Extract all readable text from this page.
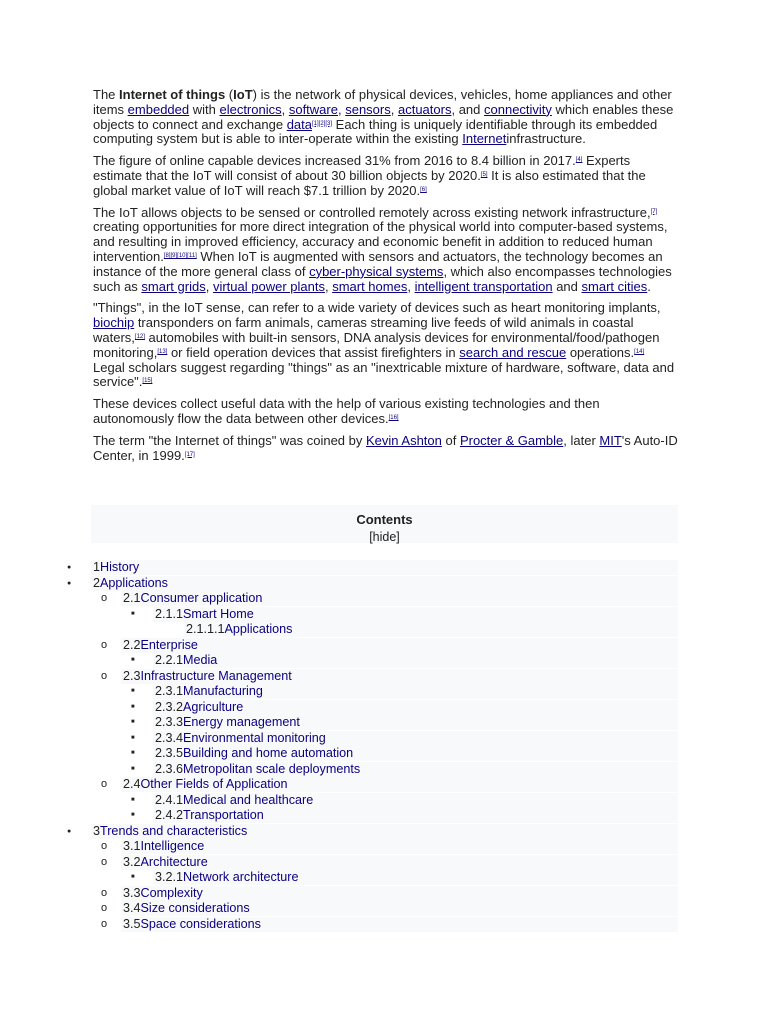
The Internet of things (IoT) is the network of physical devices, vehicles, home appliances and other items embedded with electronics, software, sensors, actuators, and connectivity which enables these objects to connect and exchange data[1][2][3] Each thing is uniquely identifiable through its embedded computing system but is able to inter-operate within the existing Internetinfrastructure.

The figure of online capable devices increased 31% from 2016 to 8.4 billion in 2017.[4] Experts estimate that the IoT will consist of about 30 billion objects by 2020.[5] It is also estimated that the global market value of IoT will reach $7.1 trillion by 2020.[6]

The IoT allows objects to be sensed or controlled remotely across existing network infrastructure,[7] creating opportunities for more direct integration of the physical world into computer-based systems, and resulting in improved efficiency, accuracy and economic benefit in addition to reduced human intervention.[8][9][10][11] When IoT is augmented with sensors and actuators, the technology becomes an instance of the more general class of cyber-physical systems, which also encompasses technologies such as smart grids, virtual power plants, smart homes, intelligent transportation and smart cities.

"Things", in the IoT sense, can refer to a wide variety of devices such as heart monitoring implants, biochip transponders on farm animals, cameras streaming live feeds of wild animals in coastal waters,[12] automobiles with built-in sensors, DNA analysis devices for environmental/food/pathogen monitoring,[13] or field operation devices that assist firefighters in search and rescue operations.[14] Legal scholars suggest regarding "things" as an "inextricable mixture of hardware, software, data and service".[15]

These devices collect useful data with the help of various existing technologies and then autonomously flow the data between other devices.[16]

The term "the Internet of things" was coined by Kevin Ashton of Procter & Gamble, later MIT's Auto-ID Center, in 1999.[17]

Contents
[hide]
● 1History
● 2Applications
o 2.1Consumer application
■ 2.1.1Smart Home
2.1.1.1Applications
o 2.2Enterprise
■ 2.2.1Media
o 2.3Infrastructure Management
■ 2.3.1Manufacturing
■ 2.3.2Agriculture
■ 2.3.3Energy management
■ 2.3.4Environmental monitoring
■ 2.3.5Building and home automation
■ 2.3.6Metropolitan scale deployments
o 2.4Other Fields of Application
■ 2.4.1Medical and healthcare
■ 2.4.2Transportation
● 3Trends and characteristics
o 3.1Intelligence
o 3.2Architecture
■ 3.2.1Network architecture
o 3.3Complexity
o 3.4Size considerations
o 3.5Space considerations
